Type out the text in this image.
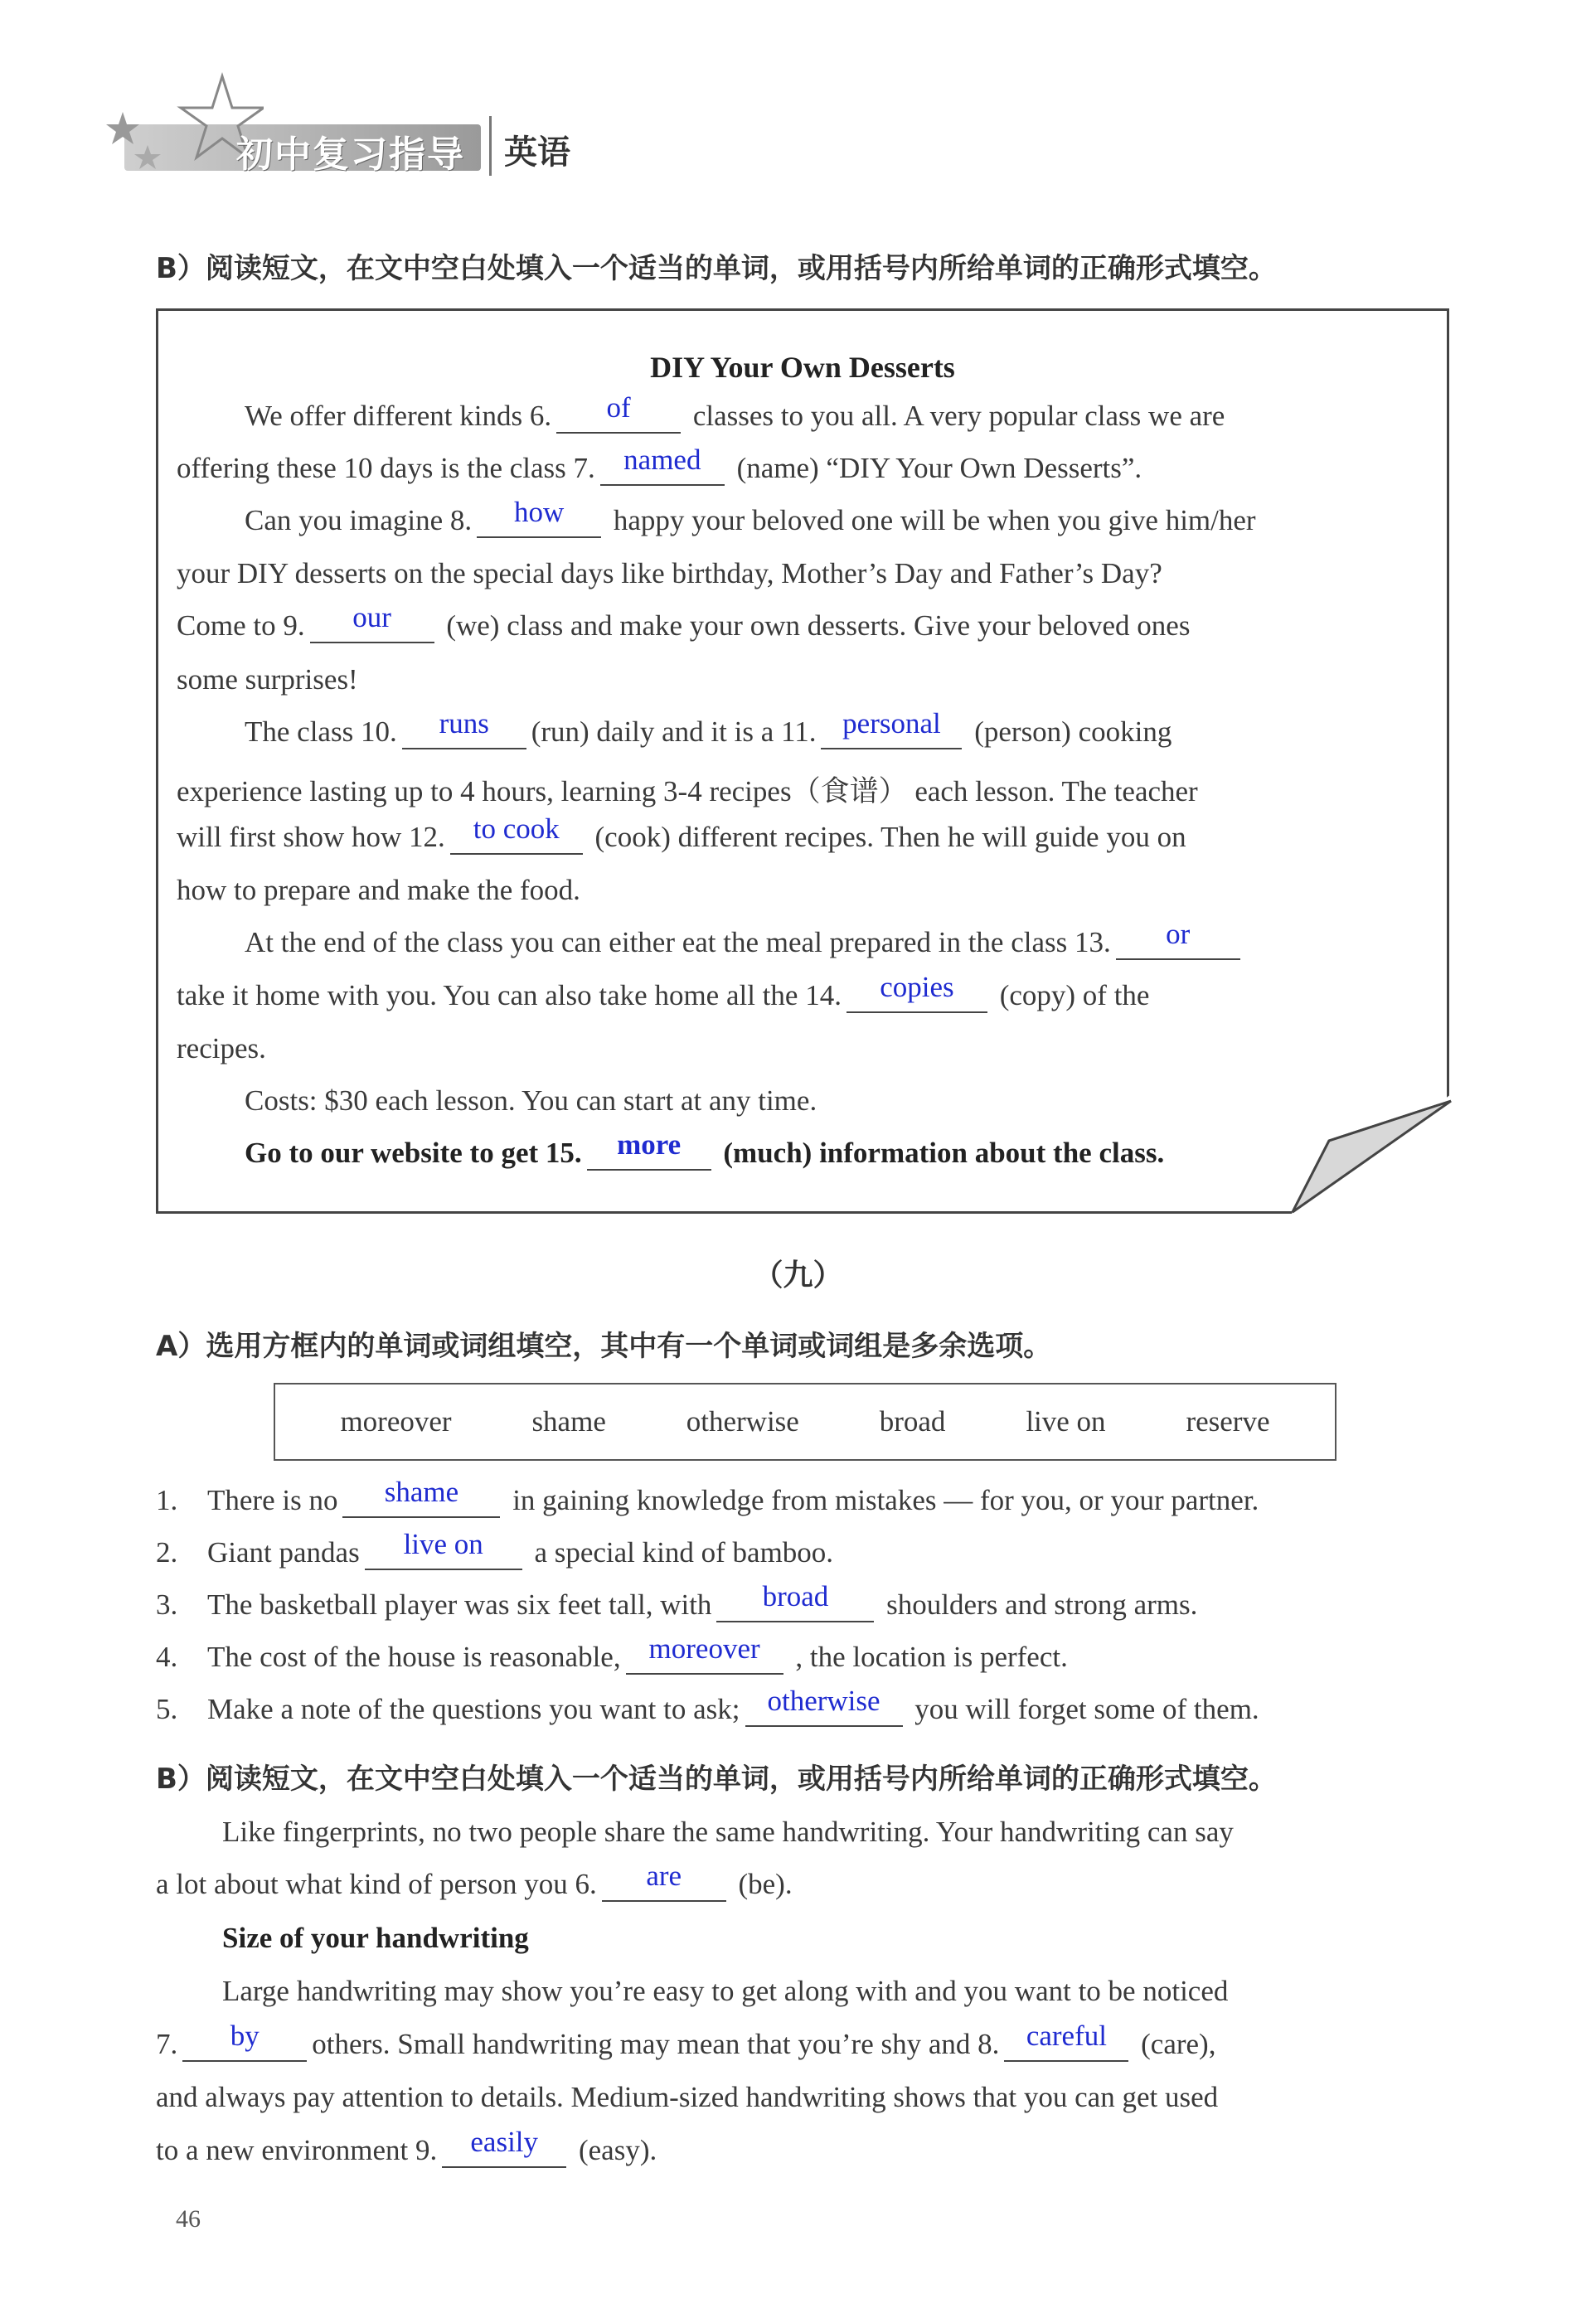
初中复习指导 英语
B）阅读短文，在文中空白处填入一个适当的单词，或用括号内所给单词的正确形式填空。
DIY Your Own Desserts
We offer different kinds 6. of classes to you all. A very popular class we are
offering these 10 days is the class 7. named (name) “DIY Your Own Desserts”.
Can you imagine 8. how happy your beloved one will be when you give him/her
your DIY desserts on the special days like birthday, Mother’s Day and Father’s Day?
Come to 9. our (we) class and make your own desserts. Give your beloved ones
some surprises!
The class 10. runs (run) daily and it is a 11. personal (person) cooking
experience lasting up to 4 hours, learning 3-4 recipes（食谱） each lesson. The teacher
will first show how 12. to cook (cook) different recipes. Then he will guide you on
how to prepare and make the food.
At the end of the class you can either eat the meal prepared in the class 13. or
take it home with you. You can also take home all the 14. copies (copy) of the
recipes.
Costs: $30 each lesson. You can start at any time.
Go to our website to get 15. more (much) information about the class.
（九）
A）选用方框内的单词或词组填空，其中有一个单词或词组是多余选项。
moreover	shame	otherwise	broad	live on	reserve
1. There is no shame in gaining knowledge from mistakes — for you, or your partner.
2. Giant pandas live on a special kind of bamboo.
3. The basketball player was six feet tall, with broad shoulders and strong arms.
4. The cost of the house is reasonable, moreover , the location is perfect.
5. Make a note of the questions you want to ask; otherwise you will forget some of them.
B）阅读短文，在文中空白处填入一个适当的单词，或用括号内所给单词的正确形式填空。
Like fingerprints, no two people share the same handwriting. Your handwriting can say
a lot about what kind of person you 6. are (be).
Size of your handwriting
Large handwriting may show you’re easy to get along with and you want to be noticed
7. by others. Small handwriting may mean that you’re shy and 8. careful (care),
and always pay attention to details. Medium-sized handwriting shows that you can get used
to a new environment 9. easily (easy).
46
